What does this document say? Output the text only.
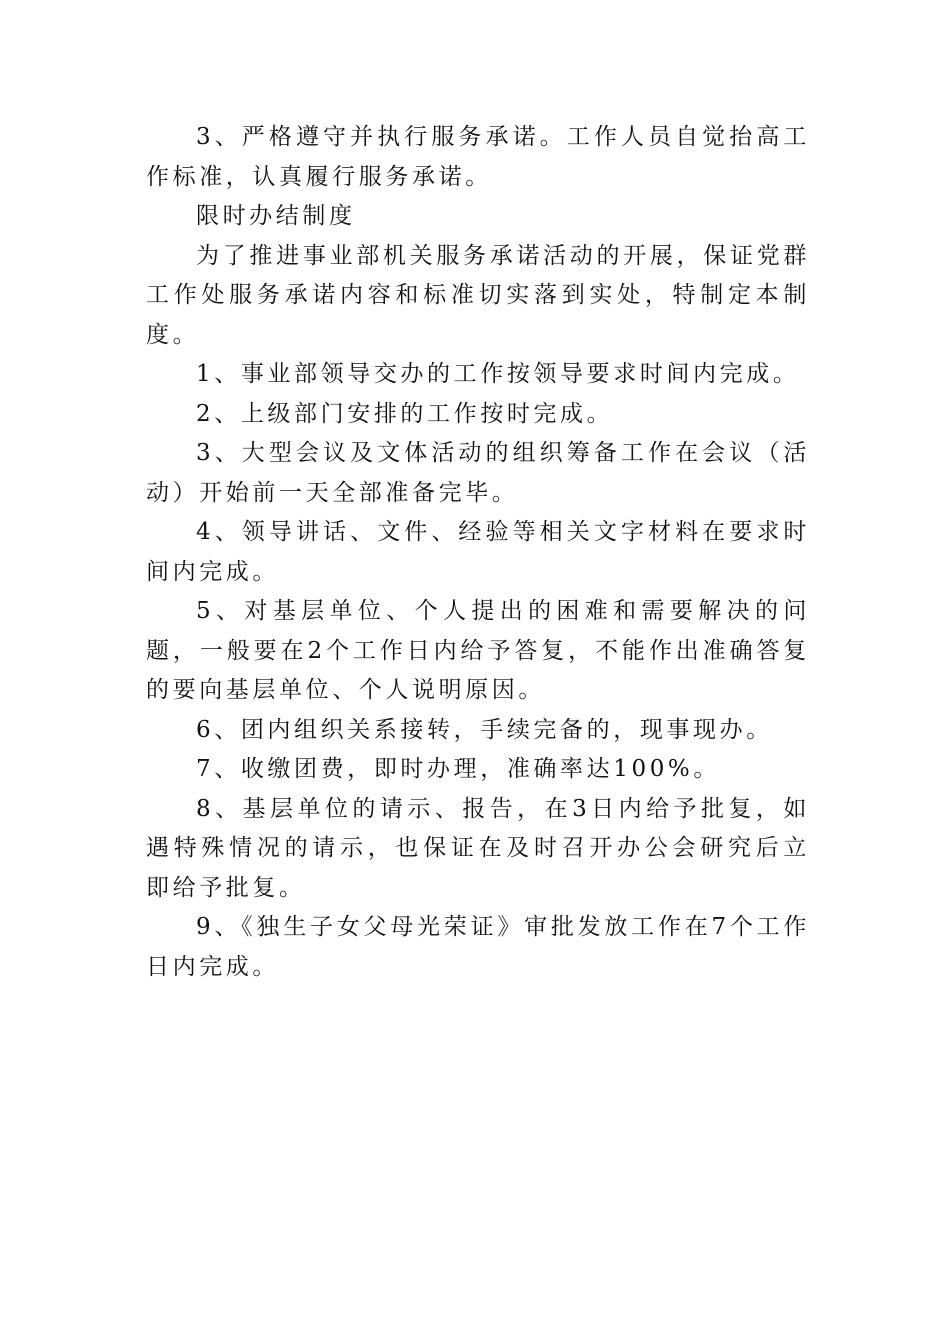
3、严格遵守并执行服务承诺。工作人员自觉抬高工作标准，认真履行服务承诺。

限时办结制度

为了推进事业部机关服务承诺活动的开展，保证党群工作处服务承诺内容和标准切实落到实处，特制定本制度。

1、事业部领导交办的工作按领导要求时间内完成。

2、上级部门安排的工作按时完成。

3、大型会议及文体活动的组织筹备工作在会议（活动）开始前一天全部准备完毕。

4、领导讲话、文件、经验等相关文字材料在要求时间内完成。

5、对基层单位、个人提出的困难和需要解决的问题，一般要在2个工作日内给予答复，不能作出准确答复的要向基层单位、个人说明原因。

6、团内组织关系接转，手续完备的，现事现办。

7、收缴团费，即时办理，准确率达100%。

8、基层单位的请示、报告，在3日内给予批复，如遇特殊情况的请示，也保证在及时召开办公会研究后立即给予批复。

9、《独生子女父母光荣证》审批发放工作在7个工作日内完成。
